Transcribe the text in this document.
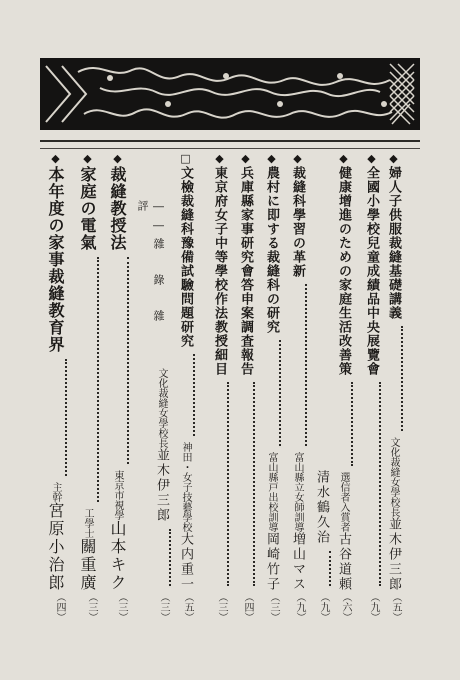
◆婦人子供服裁縫基礎講義
文化裁縫女學校長並木伊三郎
（五）
◆全國小學校兒童成績品中央展覽會
（九）
◆健康增進のための家庭生活改善策
選信者入賞者古谷道頼
（六）
清水鶴久治
（九）
◆裁縫科學習の革新
富山縣立女師訓導増山マス
（九）
◆農村に即する裁縫科の研究
富山縣戸出校訓導岡崎竹子
（三）
◆兵庫縣家事研究會答申案調査報告
（四）
◆東京府女子中等學校作法教授細目
（三）
□文檢裁縫科豫備試驗問題研究
神田・女子技藝學校大内重一
（五）
文化裁縫女學校長並木伊三郎
（三）
――雜 錄 雜 評
◆裁縫教授法
東京市視學山本キク
（三）
◆家庭の電氣
工學士關重廣
（三）
◆本年度の家事裁縫教育界
主幹宮原小治郎
（四）
